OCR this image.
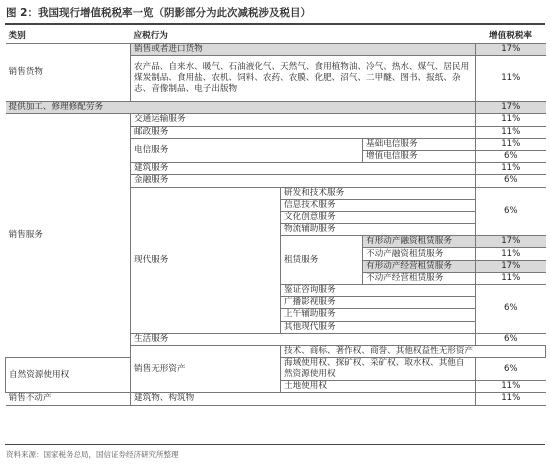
图 2：我国现行增值税税率一览（阴影部分为此次减税涉及税目）
类别	应税行为			增值税税率	
销售货物	销售或者进口货物			17%	
	农产品、自来水、暖气、石油液化气、天然气、食用植物油、冷气、热水、煤气、居民用煤炭制品、食用盐、农机、饲料、农药、农膜、化肥、沼气、二甲醚、图书、报纸、杂志、音像制品、电子出版物			11%	
提供加工、修理修配劳务				17%	
销售服务	交通运输服务			11%	
	邮政服务			11%	
	电信服务		基础电信服务	11%	
			增值电信服务	6%	
	建筑服务			11%	
	金融服务			6%	
	现代服务	研发和技术服务		6%	
		信息技术服务			
		文化创意服务			
		物流辅助服务			
		租赁服务	有形动产融资租赁服务	17%	
			不动产融资租赁服务	11%	
			有形动产经营租赁服务	17%	
			不动产经营租赁服务	11%	
		鉴证咨询服务		6%	
		广播影视服务			
		上午辅助服务			
		其他现代服务			
	生活服务			6%	
	销售无形资产	技术、商标、著作权、商誉、其他权益性无形资产	
自然资源使用权		海域使用权、探矿权、采矿权、取水权、其他自然资源使用权		6%	
		土地使用权		11%	
销售不动产	建筑物、构筑物			11%	
资料来源：国家税务总局，国信证券经济研究所整理
